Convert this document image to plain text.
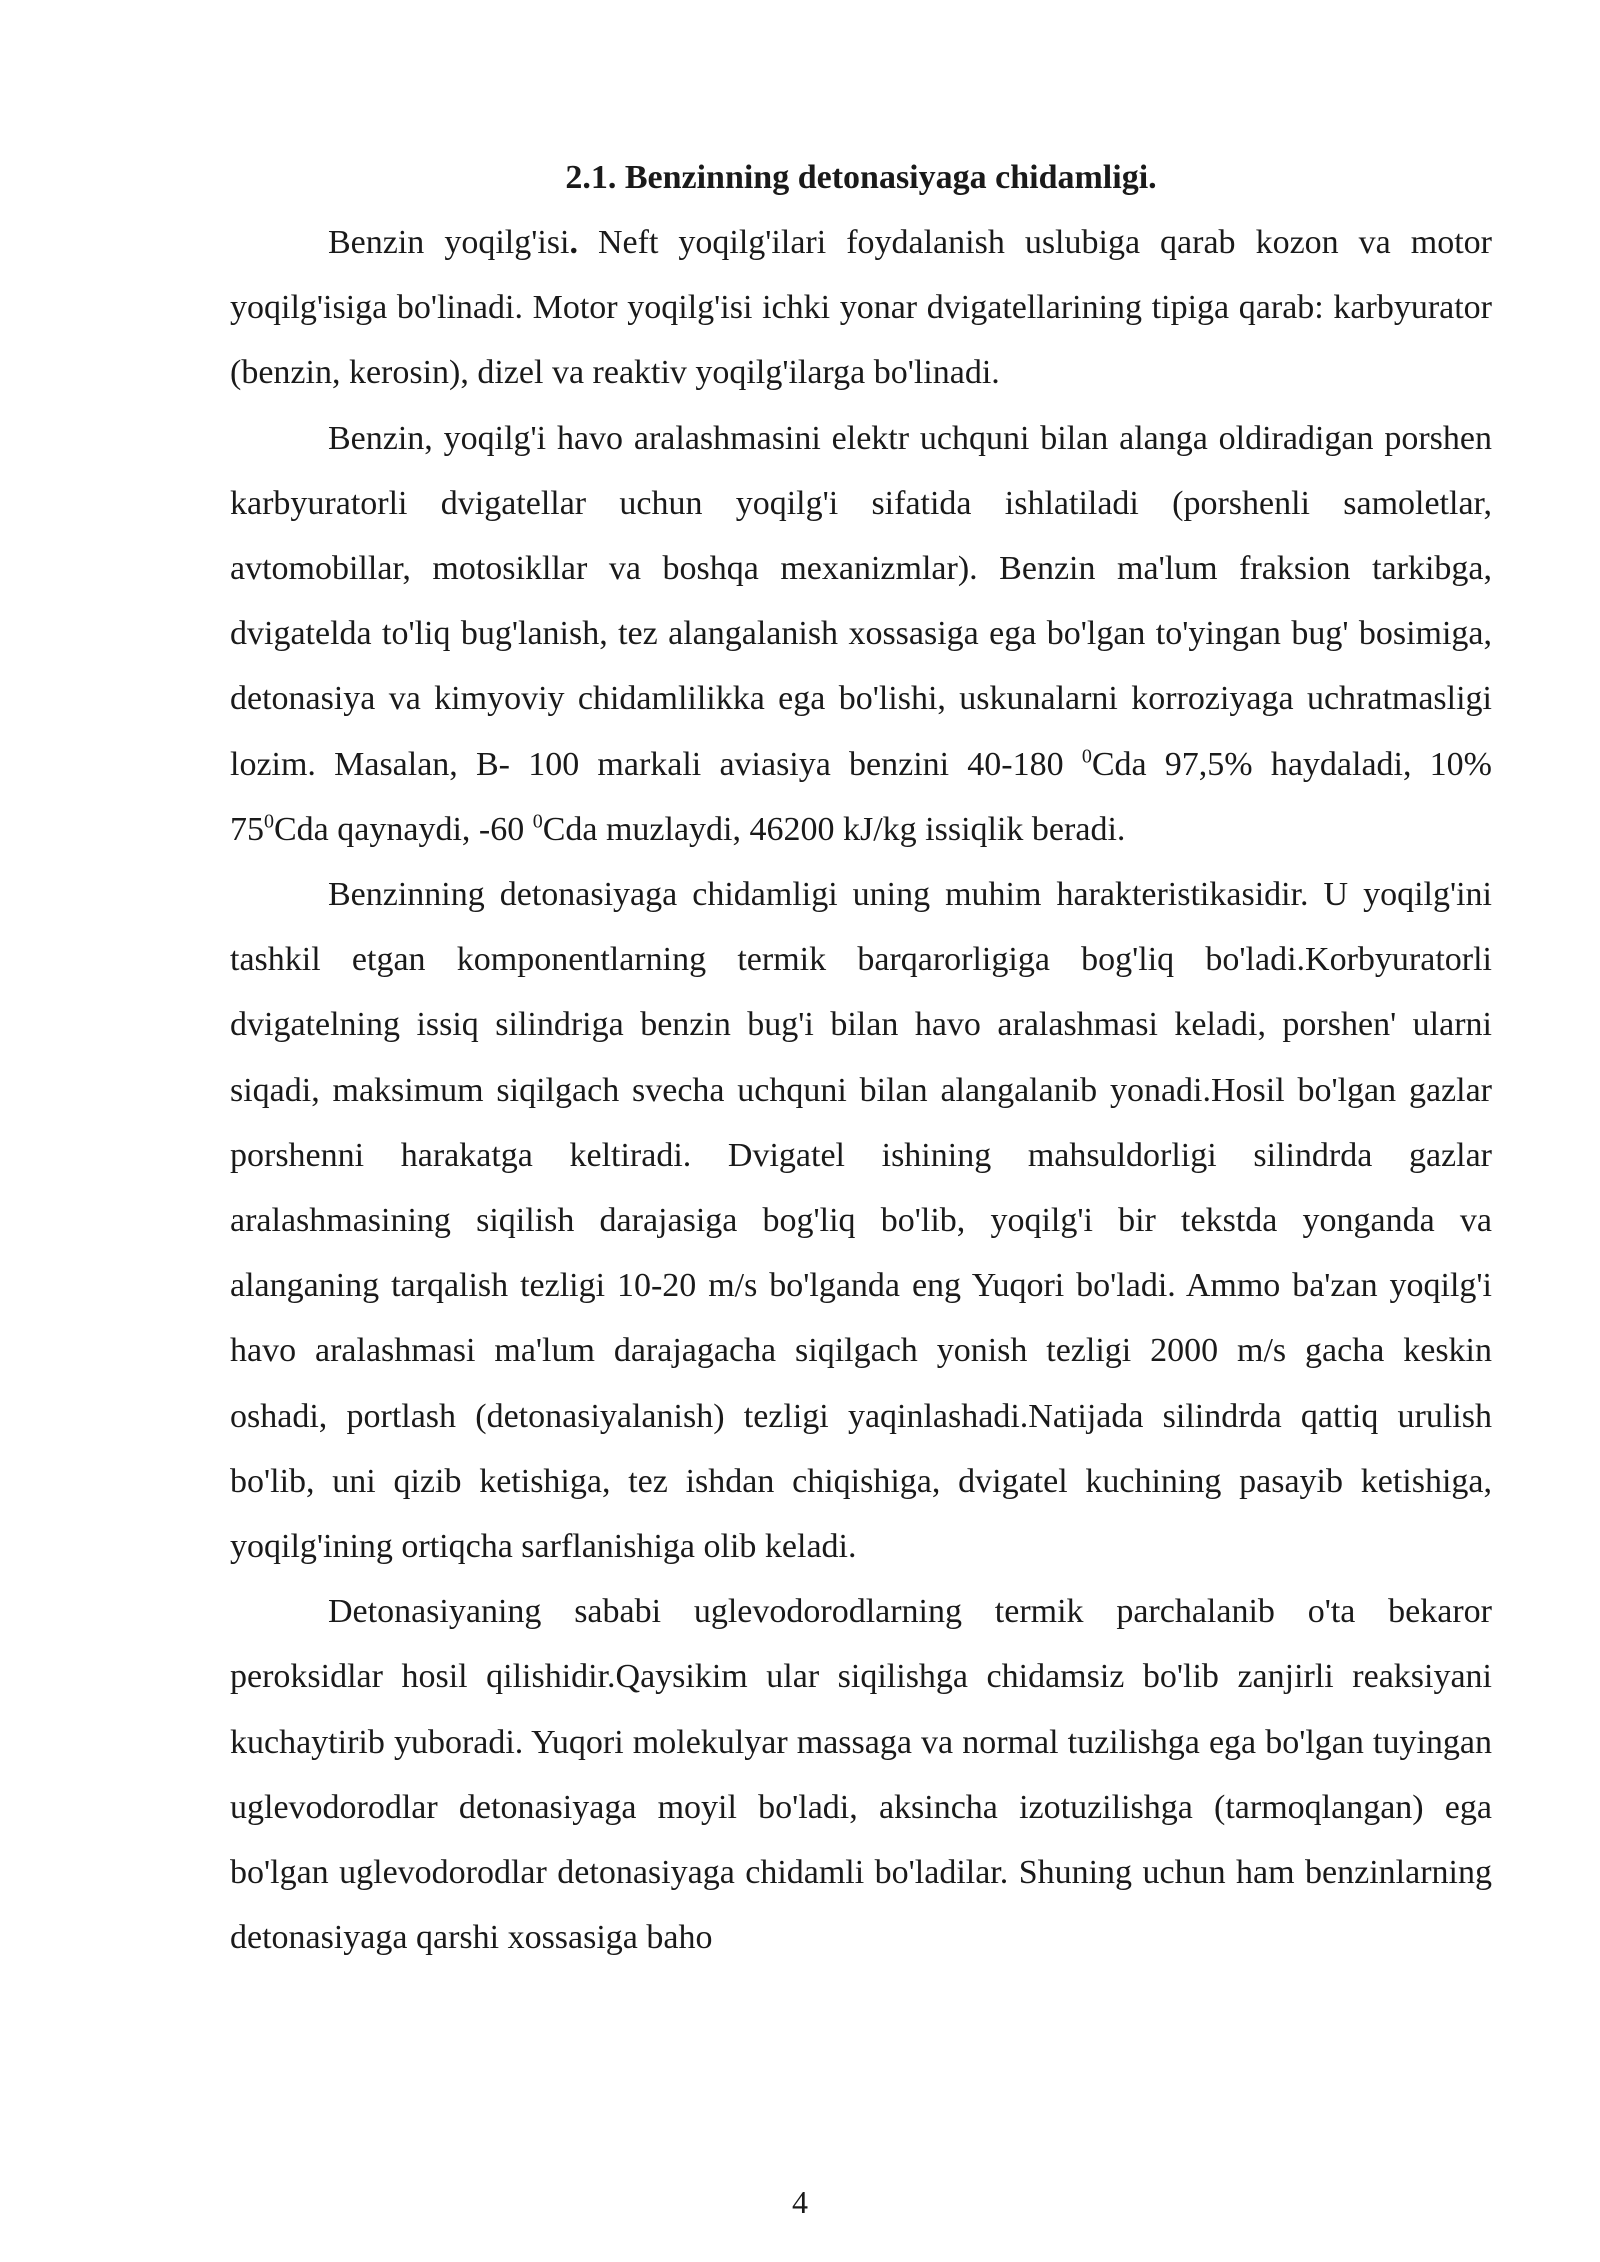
2.1. Benzinning detonasiyaga chidamligi.

Benzin yoqilg'isi. Neft yoqilg'ilari foydalanish uslubiga qarab kozon va motor yoqilg'isiga bo'linadi. Motor yoqilg'isi ichki yonar dvigatellarining tipiga qarab: karbyurator (benzin, kerosin), dizel va reaktiv yoqilg'ilarga bo'linadi.

Benzin, yoqilg'i havo aralashmasini elektr uchquni bilan alanga oldiradigan porshen karbyuratorli dvigatellar uchun yoqilg'i sifatida ishlatiladi (porshenli samoletlar, avtomobillar, motosikllar va boshqa mexanizmlar). Benzin ma'lum fraksion tarkibga, dvigatelda to'liq bug'lanish, tez alangalanish xossasiga ega bo'lgan to'yingan bug' bosimiga, detonasiya va kimyoviy chidamlilikka ega bo'lishi, uskunalarni korroziyaga uchratmasligi lozim. Masalan, B- 100 markali aviasiya benzini 40-180 $^0$Cda 97,5% haydaladi, 10% $75^0Cda$ qaynaydi, -60 $^0$Cda muzlaydi, 46200 kJ/kg issiqlik beradi.

Benzinning detonasiyaga chidamligi uning muhim harakteristikasidir. U yoqilg'ini tashkil etgan komponentlarning termik barqarorligiga bog'liq bo'ladi.Korbyuratorli dvigatelning issiq silindriga benzin bug'i bilan havo aralashmasi keladi, porshen' ularni siqadi, maksimum siqilgach svecha uchquni bilan alangalanib yonadi.Hosil bo'lgan gazlar porshenni harakatga keltiradi. Dvigatel ishining mahsuldorligi silindrda gazlar aralashmasining siqilish darajasiga bog'liq bo'lib, yoqilg'i bir tekstda yonganda va alanganing tarqalish tezligi 10-20 m/s bo'lganda eng Yuqori bo'ladi. Ammo ba'zan yoqilg'i havo aralashmasi ma'lum darajagacha siqilgach yonish tezligi 2000 m/s gacha keskin oshadi, portlash (detonasiyalanish) tezligi yaqinlashadi.Natijada silindrda qattiq urulish bo'lib, uni qizib ketishiga, tez ishdan chiqishiga, dvigatel kuchining pasayib ketishiga, yoqilg'ining ortiqcha sarflanishiga olib keladi.

Detonasiyaning sababi uglevodorodlarning termik parchalanib o'ta bekaror peroksidlar hosil qilishidir.Qaysikim ular siqilishga chidamsiz bo'lib zanjirli reaksiyani kuchaytirib yuboradi. Yuqori molekulyar massaga va normal tuzilishga ega bo'lgan tuyingan uglevodorodlar detonasiyaga moyil bo'ladi, aksincha izotuzilishga (tarmoqlangan) ega bo'lgan uglevodorodlar detonasiyaga chidamli bo'ladilar. Shuning uchun ham benzinlarning detonasiyaga qarshi xossasiga baho

4
